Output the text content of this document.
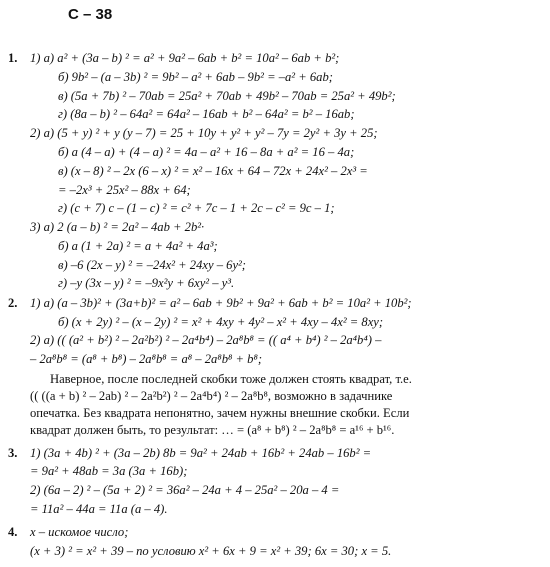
С – 38
1. 1) а) a² + (3a – b) ² = a² + 9a² – 6ab + b² = 10a² – 6ab + b²;
б) 9b² – (a – 3b) ² = 9b² – a² + 6ab – 9b² = –a² + 6ab;
в) (5a + 7b) ² – 70ab = 25a² + 70ab + 49b² – 70ab = 25a² + 49b²;
г) (8a – b) ² – 64a² = 64a² – 16ab + b² – 64a² = b² – 16ab;
2) а) (5 + y) ² + y (y – 7) = 25 + 10y + y² + y² – 7y = 2y² + 3y + 25;
б) a (4 – a) + (4 – a) ² = 4a – a² + 16 – 8a + a² = 16 – 4a;
в) (x – 8) ² – 2x (6 – x) ² = x² – 16x + 64 – 72x + 24x² – 2x³ =
= –2x³ + 25x² – 88x + 64;
г) (c + 7) c – (1 – c) ² = c² + 7c – 1 + 2c – c² = 9c – 1;
3) а) 2 (a – b) ² = 2a² – 4ab + 2b²·
б) a (1 + 2a) ² = a + 4a² + 4a³;
в) –6 (2x – y) ² = –24x² + 24xy – 6y²;
г) –y (3x – y) ² = –9x²y + 6xy² – y³.
2. 1) а) (a – 3b)² + (3a+b)² = a² – 6ab + 9b² + 9a² + 6ab + b² = 10a² + 10b²;
б) (x + 2y) ² – (x – 2y) ² = x² + 4xy + 4y² – x² + 4xy – 4x² = 8xy;
2) а) (( (a² + b²) ² – 2a²b²) ² – 2a⁴b⁴) – 2a⁸b⁸ = (( a⁴ + b⁴) ² – 2a⁴b⁴) –
– 2a⁸b⁸ = (a⁸ + b⁸) – 2a⁸b⁸ = a⁸ – 2a⁸b⁸ + b⁸;
Наверное, после последней скобки тоже должен стоять квадрат, т.е.
(( ((a + b) ² – 2ab) ² – 2a²b²) ² – 2a⁴b⁴) ² – 2a⁸b⁸, возможно в задачнике
опечатка. Без квадрата непонятно, зачем нужны внешние скобки. Если
квадрат должен быть, то результат: … = (a⁸ + b⁸) ² – 2a⁸b⁸ = a¹⁶ + b¹⁶.
3. 1) (3a + 4b) ² + (3a – 2b) 8b = 9a² + 24ab + 16b² + 24ab – 16b² =
= 9a² + 48ab = 3a (3a + 16b);
2) (6a – 2) ² – (5a + 2) ² = 36a² – 24a + 4 – 25a² – 20a – 4 =
= 11a² – 44a = 11a (a – 4).
4. x – искомое число;
(x + 3) ² = x² + 39 – по условию x² + 6x + 9 = x² + 39; 6x = 30; x = 5.
